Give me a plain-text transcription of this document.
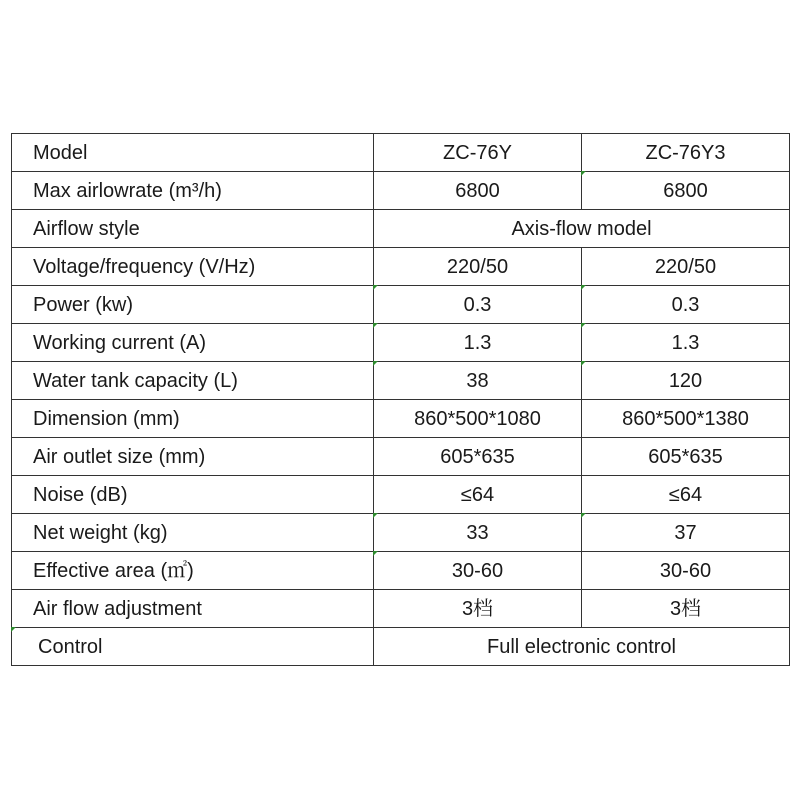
Model	ZC-76Y	ZC-76Y3
Max airlowrate (m³/h)	6800	6800
Airflow style	Axis-flow model	
Voltage/frequency (V/Hz)	220/50	220/50
Power (kw)	0.3	0.3
Working current (A)	1.3	1.3
Water tank capacity (L)	38	120
Dimension (mm)	860*500*1080	860*500*1380
Air outlet size (mm)	605*635	605*635
Noise (dB)	≤64	≤64
Net weight (kg)	33	37
Effective area (㎡)	30-60	30-60
Air flow adjustment	3档	3档
Control	Full electronic control	
